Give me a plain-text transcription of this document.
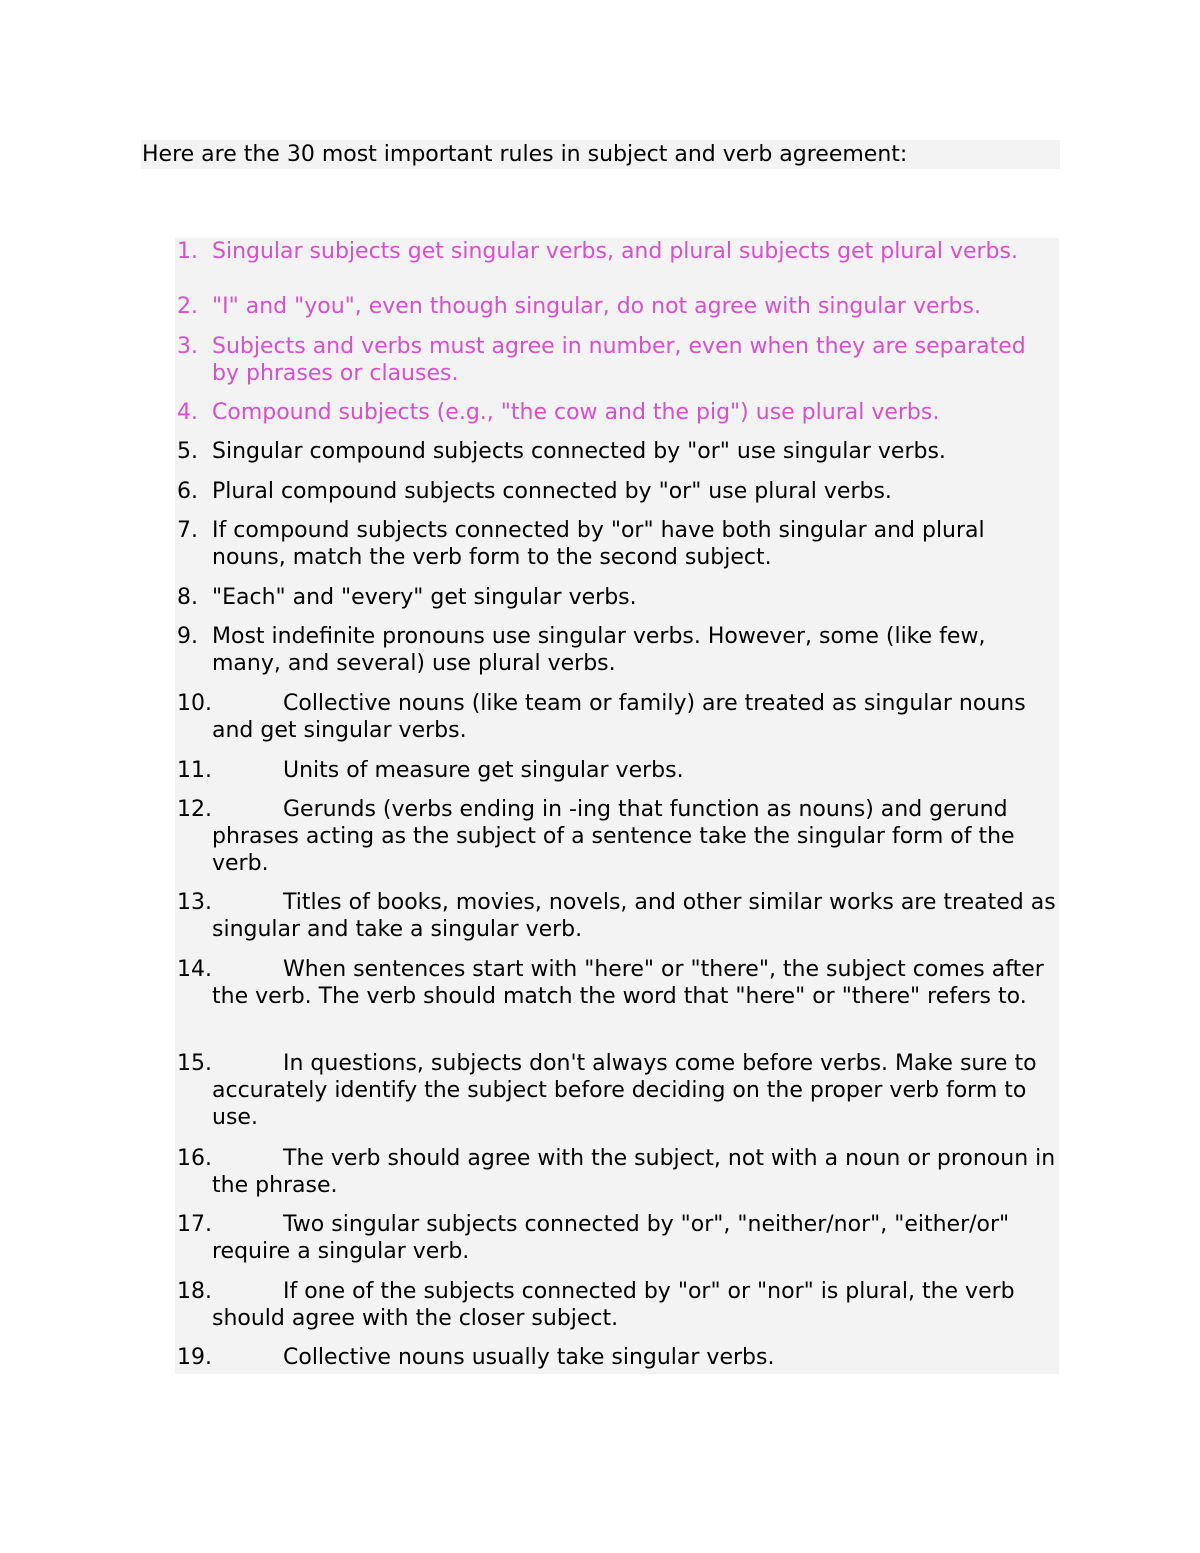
Here are the 30 most important rules in subject and verb agreement:
1. Singular subjects get singular verbs, and plural subjects get plural verbs.
2. "I" and "you", even though singular, do not agree with singular verbs.
3. Subjects and verbs must agree in number, even when they are separated by phrases or clauses.
4. Compound subjects (e.g., "the cow and the pig") use plural verbs.
5. Singular compound subjects connected by "or" use singular verbs.
6. Plural compound subjects connected by "or" use plural verbs.
7. If compound subjects connected by "or" have both singular and plural nouns, match the verb form to the second subject.
8. "Each" and "every" get singular verbs.
9. Most indefinite pronouns use singular verbs. However, some (like few, many, and several) use plural verbs.
10.	Collective nouns (like team or family) are treated as singular nouns and get singular verbs.
11.	Units of measure get singular verbs.
12.	Gerunds (verbs ending in -ing that function as nouns) and gerund phrases acting as the subject of a sentence take the singular form of the verb.
13.	Titles of books, movies, novels, and other similar works are treated as singular and take a singular verb.
14.	When sentences start with "here" or "there", the subject comes after the verb. The verb should match the word that "here" or "there" refers to.
15.	In questions, subjects don't always come before verbs. Make sure to accurately identify the subject before deciding on the proper verb form to use.
16.	The verb should agree with the subject, not with a noun or pronoun in the phrase.
17.	Two singular subjects connected by "or", "neither/nor", "either/or" require a singular verb.
18.	If one of the subjects connected by "or" or "nor" is plural, the verb should agree with the closer subject.
19.	Collective nouns usually take singular verbs.
